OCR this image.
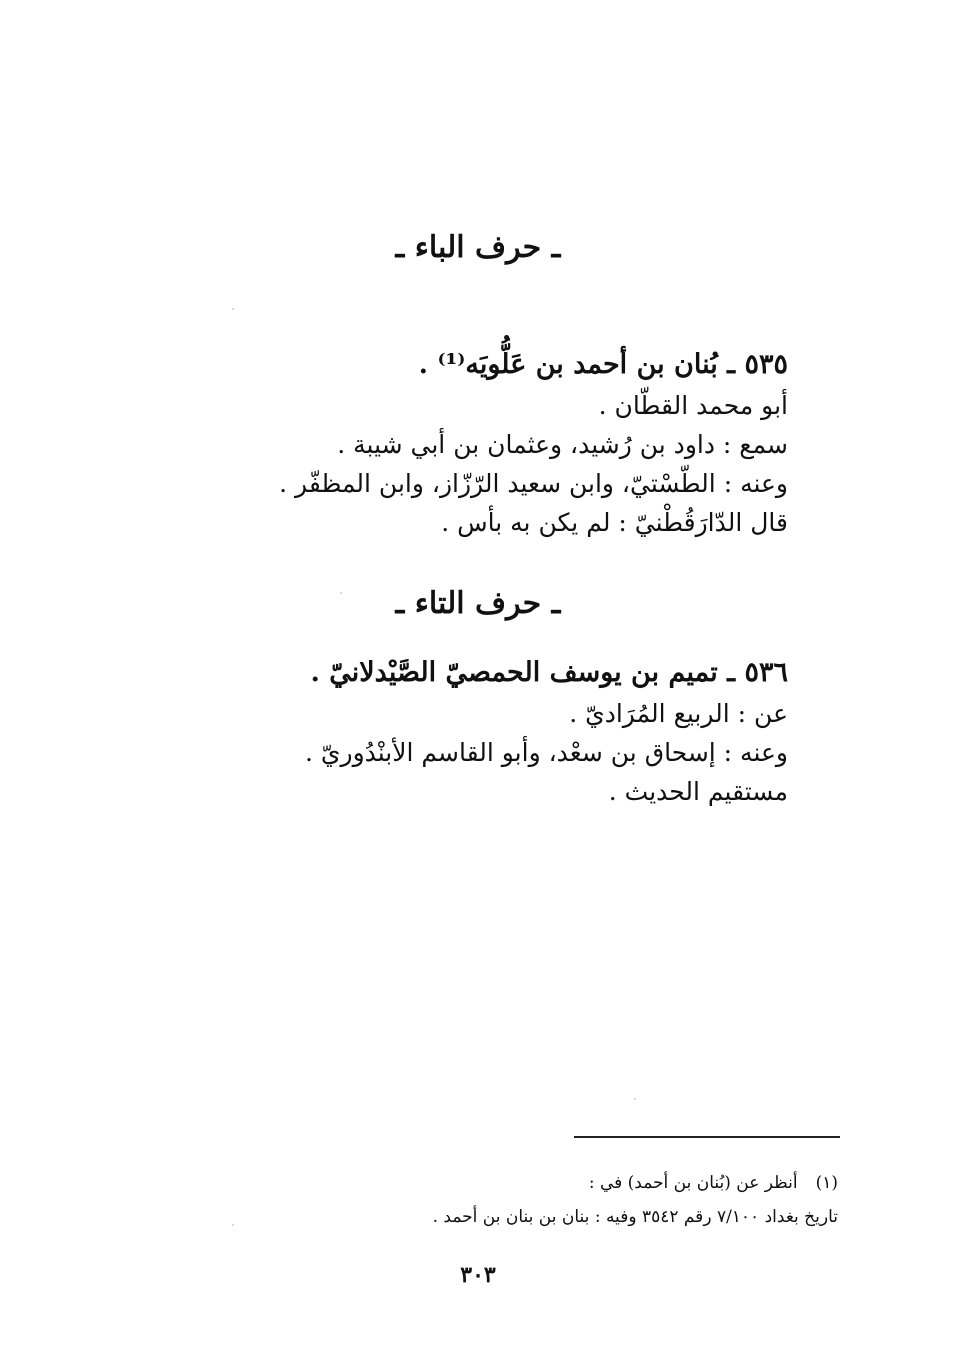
ـ حرف الباء ـ
٥٣٥ ـ بُنان بن أحمد بن عَلُّويَه⁽¹⁾ .
أبو محمد القطّان .
سمع : داود بن رُشيد، وعثمان بن أبي شيبة .
وعنه : الطّسْتيّ، وابن سعيد الرّزّاز، وابن المظفّر .
قال الدّارَقُطْنيّ : لم يكن به بأس .
ـ حرف التاء ـ
٥٣٦ ـ تميم بن يوسف الحمصيّ الصَّيْدلانيّ .
عن : الربيع المُرَاديّ .
وعنه : إسحاق بن سعْد، وأبو القاسم الأبنْدُوريّ .
مستقيم الحديث .
(١)أنظر عن (بُنان بن أحمد) في :
تاريخ بغداد ٧/١٠٠ رقم ٣٥٤٢ وفيه : بنان بن بنان بن أحمد .
٣٠٣
